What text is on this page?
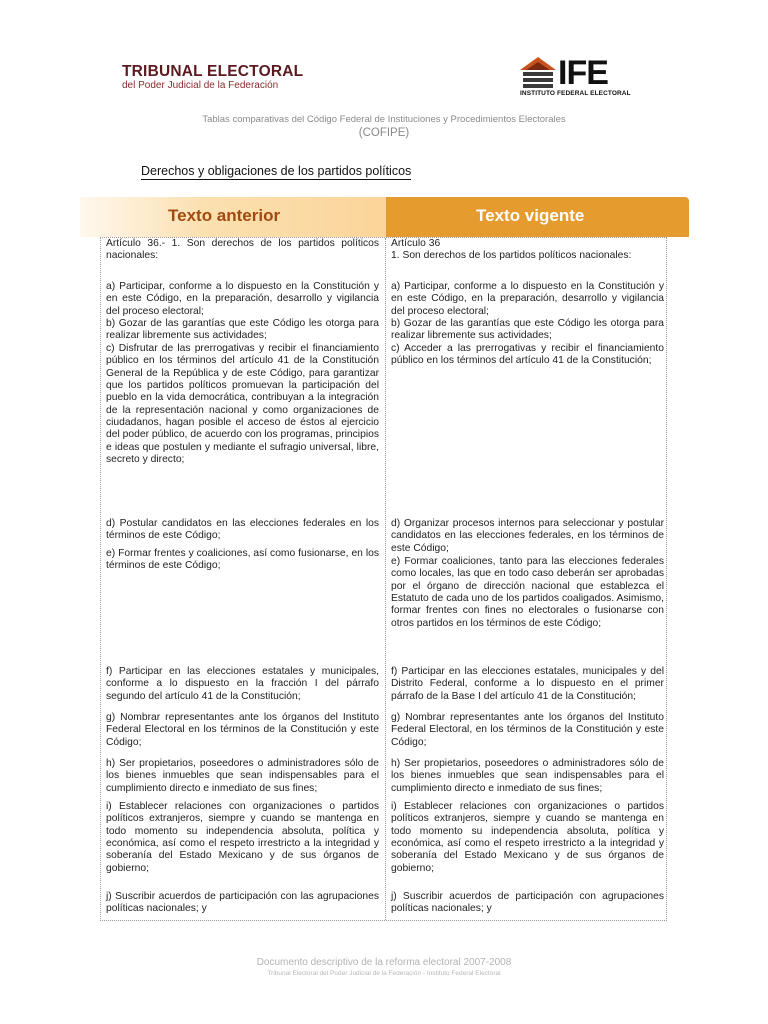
TRIBUNAL ELECTORAL
del Poder Judicial de la Federación	IFE
INSTITUTO FEDERAL ELECTORAL
Tablas comparativas del Código Federal de Instituciones y Procedimientos Electorales
(COFIPE)
Derechos y obligaciones de los partidos políticos
Texto anterior	Texto vigente

Artículo 36.- 1. Son derechos de los partidos políticos nacionales:

a) Participar, conforme a lo dispuesto en la Constitución y en este Código, en la preparación, desarrollo y vigilancia del proceso electoral;

b) Gozar de las garantías que este Código les otorga para realizar libremente sus actividades;

c) Disfrutar de las prerrogativas y recibir el financiamiento público en los términos del artículo 41 de la Constitución General de la República y de este Código, para garantizar que los partidos políticos promuevan la participación del pueblo en la vida democrática, contribuyan a la integración de la representación nacional y como organizaciones de ciudadanos, hagan posible el acceso de éstos al ejercicio del poder público, de acuerdo con los programas, principios e ideas que postulen y mediante el sufragio universal, libre, secreto y directo;

d) Postular candidatos en las elecciones federales en los términos de este Código;

e) Formar frentes y coaliciones, así como fusionarse, en los términos de este Código;

f) Participar en las elecciones estatales y municipales, conforme a lo dispuesto en la fracción I del párrafo segundo del artículo 41 de la Constitución;

g) Nombrar representantes ante los órganos del Instituto Federal Electoral en los términos de la Constitución y este Código;

h) Ser propietarios, poseedores o administradores sólo de los bienes inmuebles que sean indispensables para el cumplimiento directo e inmediato de sus fines;

i) Establecer relaciones con organizaciones o partidos políticos extranjeros, siempre y cuando se mantenga en todo momento su independencia absoluta, política y económica, así como el respeto irrestricto a la integridad y soberanía del Estado Mexicano y de sus órganos de gobierno;

j) Suscribir acuerdos de participación con las agrupaciones políticas nacionales; y

Artículo 36

1. Son derechos de los partidos políticos nacionales:

a) Participar, conforme a lo dispuesto en la Constitución y en este Código, en la preparación, desarrollo y vigilancia del proceso electoral;

b) Gozar de las garantías que este Código les otorga para realizar libremente sus actividades;

c) Acceder a las prerrogativas y recibir el financiamiento público en los términos del artículo 41 de la Constitución;

d) Organizar procesos internos para seleccionar y postular candidatos en las elecciones federales, en los términos de este Código;

e) Formar coaliciones, tanto para las elecciones federales como locales, las que en todo caso deberán ser aprobadas por el órgano de dirección nacional que establezca el Estatuto de cada uno de los partidos coaligados. Asimismo, formar frentes con fines no electorales o fusionarse con otros partidos en los términos de este Código;

f) Participar en las elecciones estatales, municipales y del Distrito Federal, conforme a lo dispuesto en el primer párrafo de la Base I del artículo 41 de la Constitución;

g) Nombrar representantes ante los órganos del Instituto Federal Electoral, en los términos de la Constitución y este Código;

h) Ser propietarios, poseedores o administradores sólo de los bienes inmuebles que sean indispensables para el cumplimiento directo e inmediato de sus fines;

i) Establecer relaciones con organizaciones o partidos políticos extranjeros, siempre y cuando se mantenga en todo momento su independencia absoluta, política y económica, así como el respeto irrestricto a la integridad y soberanía del Estado Mexicano y de sus órganos de gobierno;

j) Suscribir acuerdos de participación con agrupaciones políticas nacionales; y

Documento descriptivo de la reforma electoral 2007-2008
Tribunal Electoral del Poder Judicial de la Federación - Instituto Federal Electoral
